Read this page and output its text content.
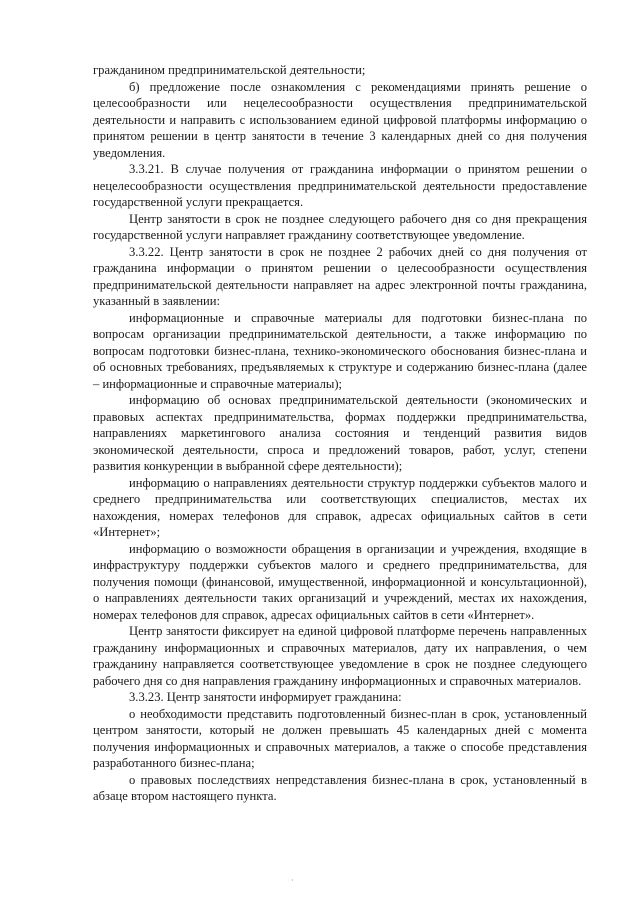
гражданином предпринимательской деятельности;

б) предложение после ознакомления с рекомендациями принять решение о целесообразности или нецелесообразности осуществления предпринимательской деятельности и направить с использованием единой цифровой платформы информацию о принятом решении в центр занятости в течение 3 календарных дней со дня получения уведомления.

3.3.21. В случае получения от гражданина информации о принятом решении о нецелесообразности осуществления предпринимательской деятельности предоставление государственной услуги прекращается.

Центр занятости в срок не позднее следующего рабочего дня со дня прекращения государственной услуги направляет гражданину соответствующее уведомление.

3.3.22. Центр занятости в срок не позднее 2 рабочих дней со дня получения от гражданина информации о принятом решении о целесообразности осуществления предпринимательской деятельности направляет на адрес электронной почты гражданина, указанный в заявлении:

информационные и справочные материалы для подготовки бизнес-плана по вопросам организации предпринимательской деятельности, а также информацию по вопросам подготовки бизнес-плана, технико-экономического обоснования бизнес-плана и об основных требованиях, предъявляемых к структуре и содержанию бизнес-плана (далее – информационные и справочные материалы);

информацию об основах предпринимательской деятельности (экономических и правовых аспектах предпринимательства, формах поддержки предпринимательства, направлениях маркетингового анализа состояния и тенденций развития видов экономической деятельности, спроса и предложений товаров, работ, услуг, степени развития конкуренции в выбранной сфере деятельности);

информацию о направлениях деятельности структур поддержки субъектов малого и среднего предпринимательства или соответствующих специалистов, местах их нахождения, номерах телефонов для справок, адресах официальных сайтов в сети «Интернет»;

информацию о возможности обращения в организации и учреждения, входящие в инфраструктуру поддержки субъектов малого и среднего предпринимательства, для получения помощи (финансовой, имущественной, информационной и консультационной), о направлениях деятельности таких организаций и учреждений, местах их нахождения, номерах телефонов для справок, адресах официальных сайтов в сети «Интернет».

Центр занятости фиксирует на единой цифровой платформе перечень направленных гражданину информационных и справочных материалов, дату их направления, о чем гражданину направляется соответствующее уведомление в срок не позднее следующего рабочего дня со дня направления гражданину информационных и справочных материалов.

3.3.23. Центр занятости информирует гражданина:

о необходимости представить подготовленный бизнес-план в срок, установленный центром занятости, который не должен превышать 45 календарных дней с момента получения информационных и справочных материалов, а также о способе представления разработанного бизнес-плана;

о правовых последствиях непредставления бизнес-плана в срок, установленный в абзаце втором настоящего пункта.

·
